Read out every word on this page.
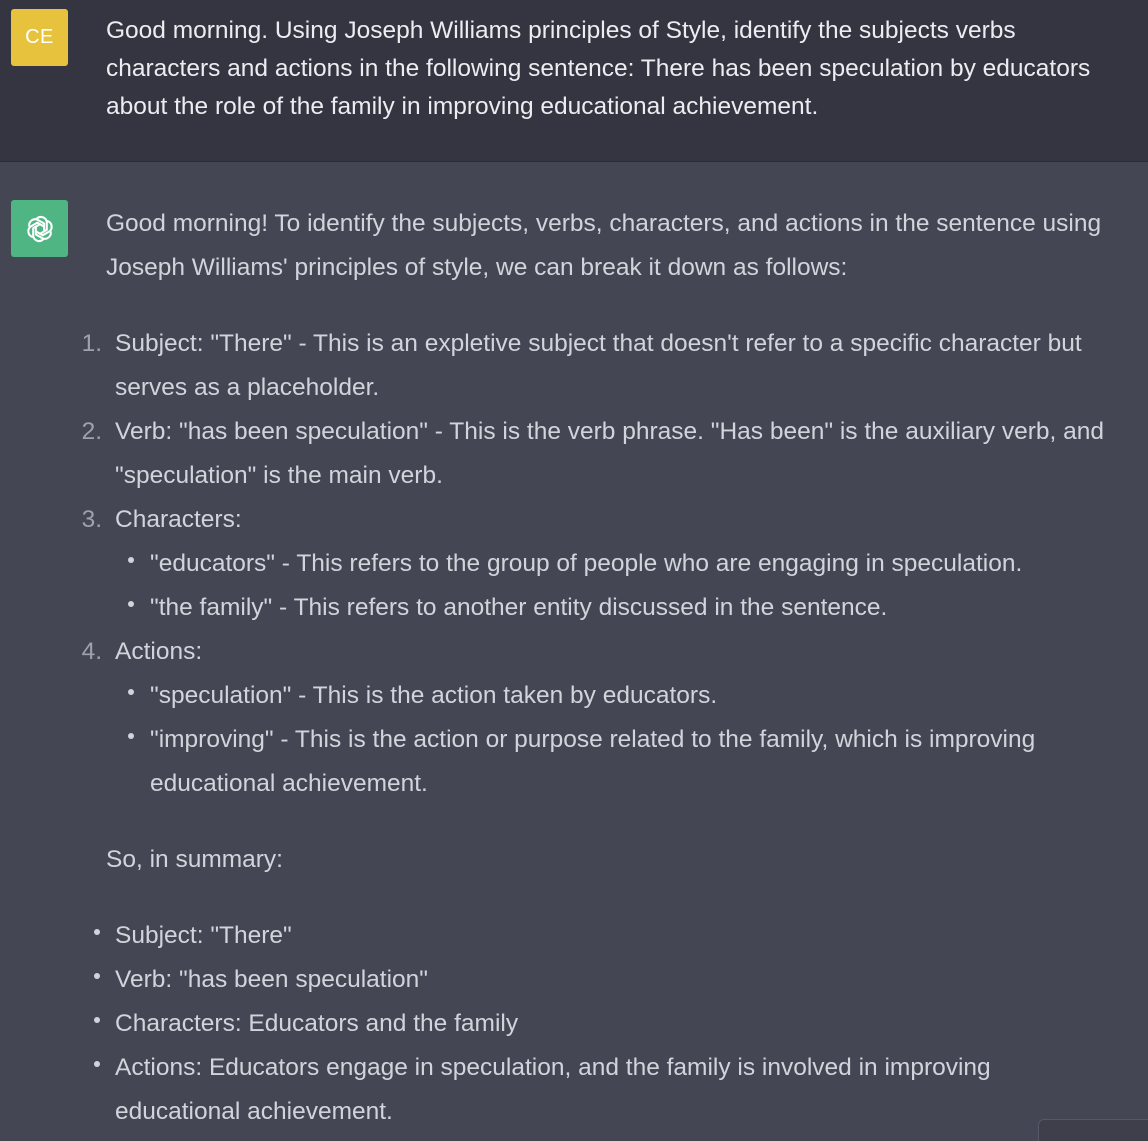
CE Good morning. Using Joseph Williams principles of Style, identify the subjects verbs characters and actions in the following sentence: There has been speculation by educators about the role of the family in improving educational achievement.

Good morning! To identify the subjects, verbs, characters, and actions in the sentence using Joseph Williams' principles of style, we can break it down as follows:

1. Subject: "There" - This is an expletive subject that doesn't refer to a specific character but
serves as a placeholder.
2. Verb: "has been speculation" - This is the verb phrase. "Has been" is the auxiliary verb, and
"speculation" is the main verb.
3. Characters:
"educators" - This refers to the group of people who are engaging in speculation.
"the family" - This refers to another entity discussed in the sentence.
4. Actions:
"speculation" - This is the action taken by educators.
"improving" - This is the action or purpose related to the family, which is improving
educational achievement.
So, in summary:
Subject: "There"
Verb: "has been speculation"
Characters: Educators and the family
Actions: Educators engage in speculation, and the family is involved in improving
educational achievement.
